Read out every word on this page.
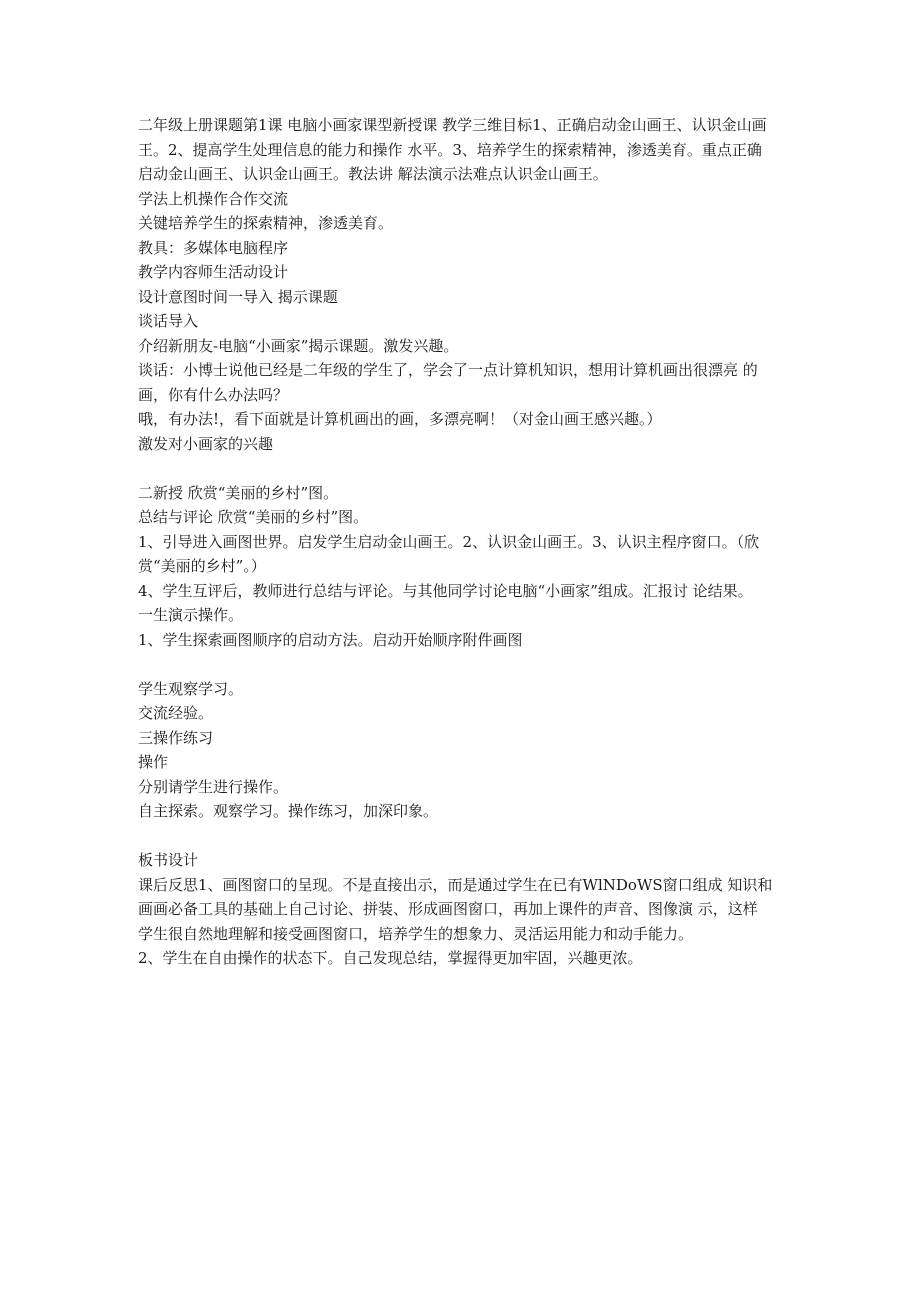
二年级上册课题第1课 电脑小画家课型新授课 教学三维目标1、正确启动金山画王、认识金山画
王。2、提高学生处理信息的能力和操作 水平。3、培养学生的探索精神，渗透美育。重点正确
启动金山画王、认识金山画王。教法讲 解法演示法难点认识金山画王。
学法上机操作合作交流
关键培养学生的探索精神，渗透美育。
教具：多媒体电脑程序
教学内容师生活动设计
设计意图时间一导入 揭示课题
谈话导入
介绍新朋友-电脑“小画家”揭示课题。激发兴趣。
谈话：小博士说他已经是二年级的学生了，学会了一点计算机知识，想用计算机画出很漂亮 的
画，你有什么办法吗？
哦，有办法!，看下面就是计算机画出的画，多漂亮啊！（对金山画王感兴趣。）
激发对小画家的兴趣
二新授 欣赏“美丽的乡村”图。
总结与评论 欣赏“美丽的乡村”图。
1、引导进入画图世界。启发学生启动金山画王。2、认识金山画王。3、认识主程序窗口。（欣
赏“美丽的乡村”。）
4、学生互评后，教师进行总结与评论。与其他同学讨论电脑“小画家”组成。汇报讨 论结果。
一生演示操作。
1、学生探索画图顺序的启动方法。启动开始顺序附件画图
学生观察学习。
交流经验。
三操作练习
操作
分别请学生进行操作。
自主探索。观察学习。操作练习，加深印象。
板书设计
课后反思1、画图窗口的呈现。不是直接出示，而是通过学生在已有WlNDoWS窗口组成 知识和
画画必备工具的基础上自己讨论、拼装、形成画图窗口，再加上课件的声音、图像演 示，这样
学生很自然地理解和接受画图窗口，培养学生的想象力、灵活运用能力和动手能力。
2、学生在自由操作的状态下。自己发现总结，掌握得更加牢固，兴趣更浓。
